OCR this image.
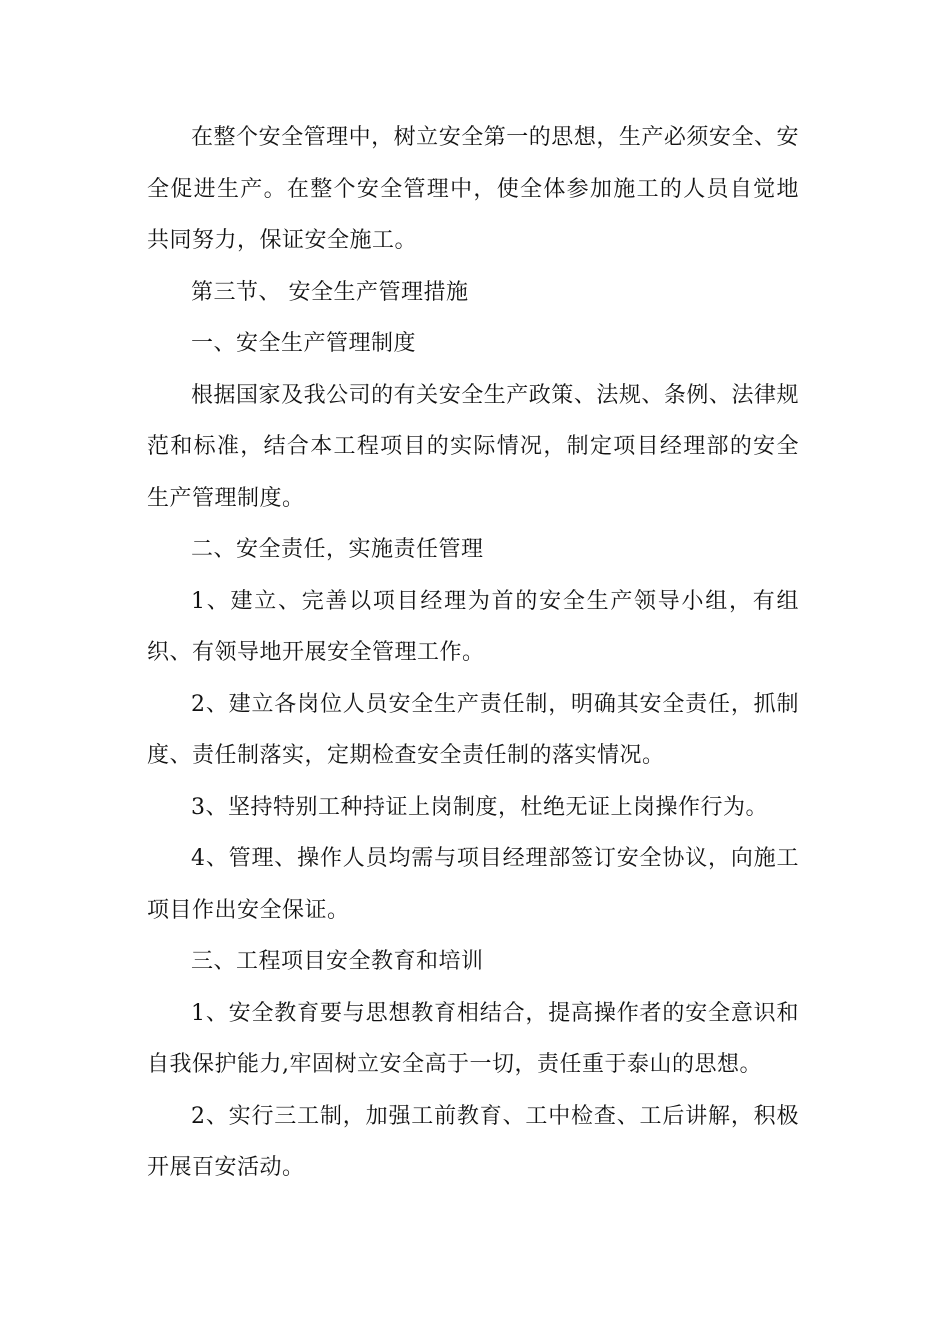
在整个安全管理中，树立安全第一的思想，生产必须安全、安全促进生产。在整个安全管理中，使全体参加施工的人员自觉地共同努力，保证安全施工。

第三节、 安全生产管理措施

一、安全生产管理制度

根据国家及我公司的有关安全生产政策、法规、条例、法律规范和标准，结合本工程项目的实际情况，制定项目经理部的安全生产管理制度。

二、安全责任，实施责任管理

1、建立、完善以项目经理为首的安全生产领导小组，有组织、有领导地开展安全管理工作。

2、建立各岗位人员安全生产责任制，明确其安全责任，抓制度、责任制落实，定期检查安全责任制的落实情况。

3、坚持特别工种持证上岗制度，杜绝无证上岗操作行为。

4、管理、操作人员均需与项目经理部签订安全协议，向施工项目作出安全保证。

三、工程项目安全教育和培训

1、安全教育要与思想教育相结合，提高操作者的安全意识和自我保护能力,牢固树立安全高于一切，责任重于泰山的思想。

2、实行三工制，加强工前教育、工中检查、工后讲解，积极开展百安活动。
